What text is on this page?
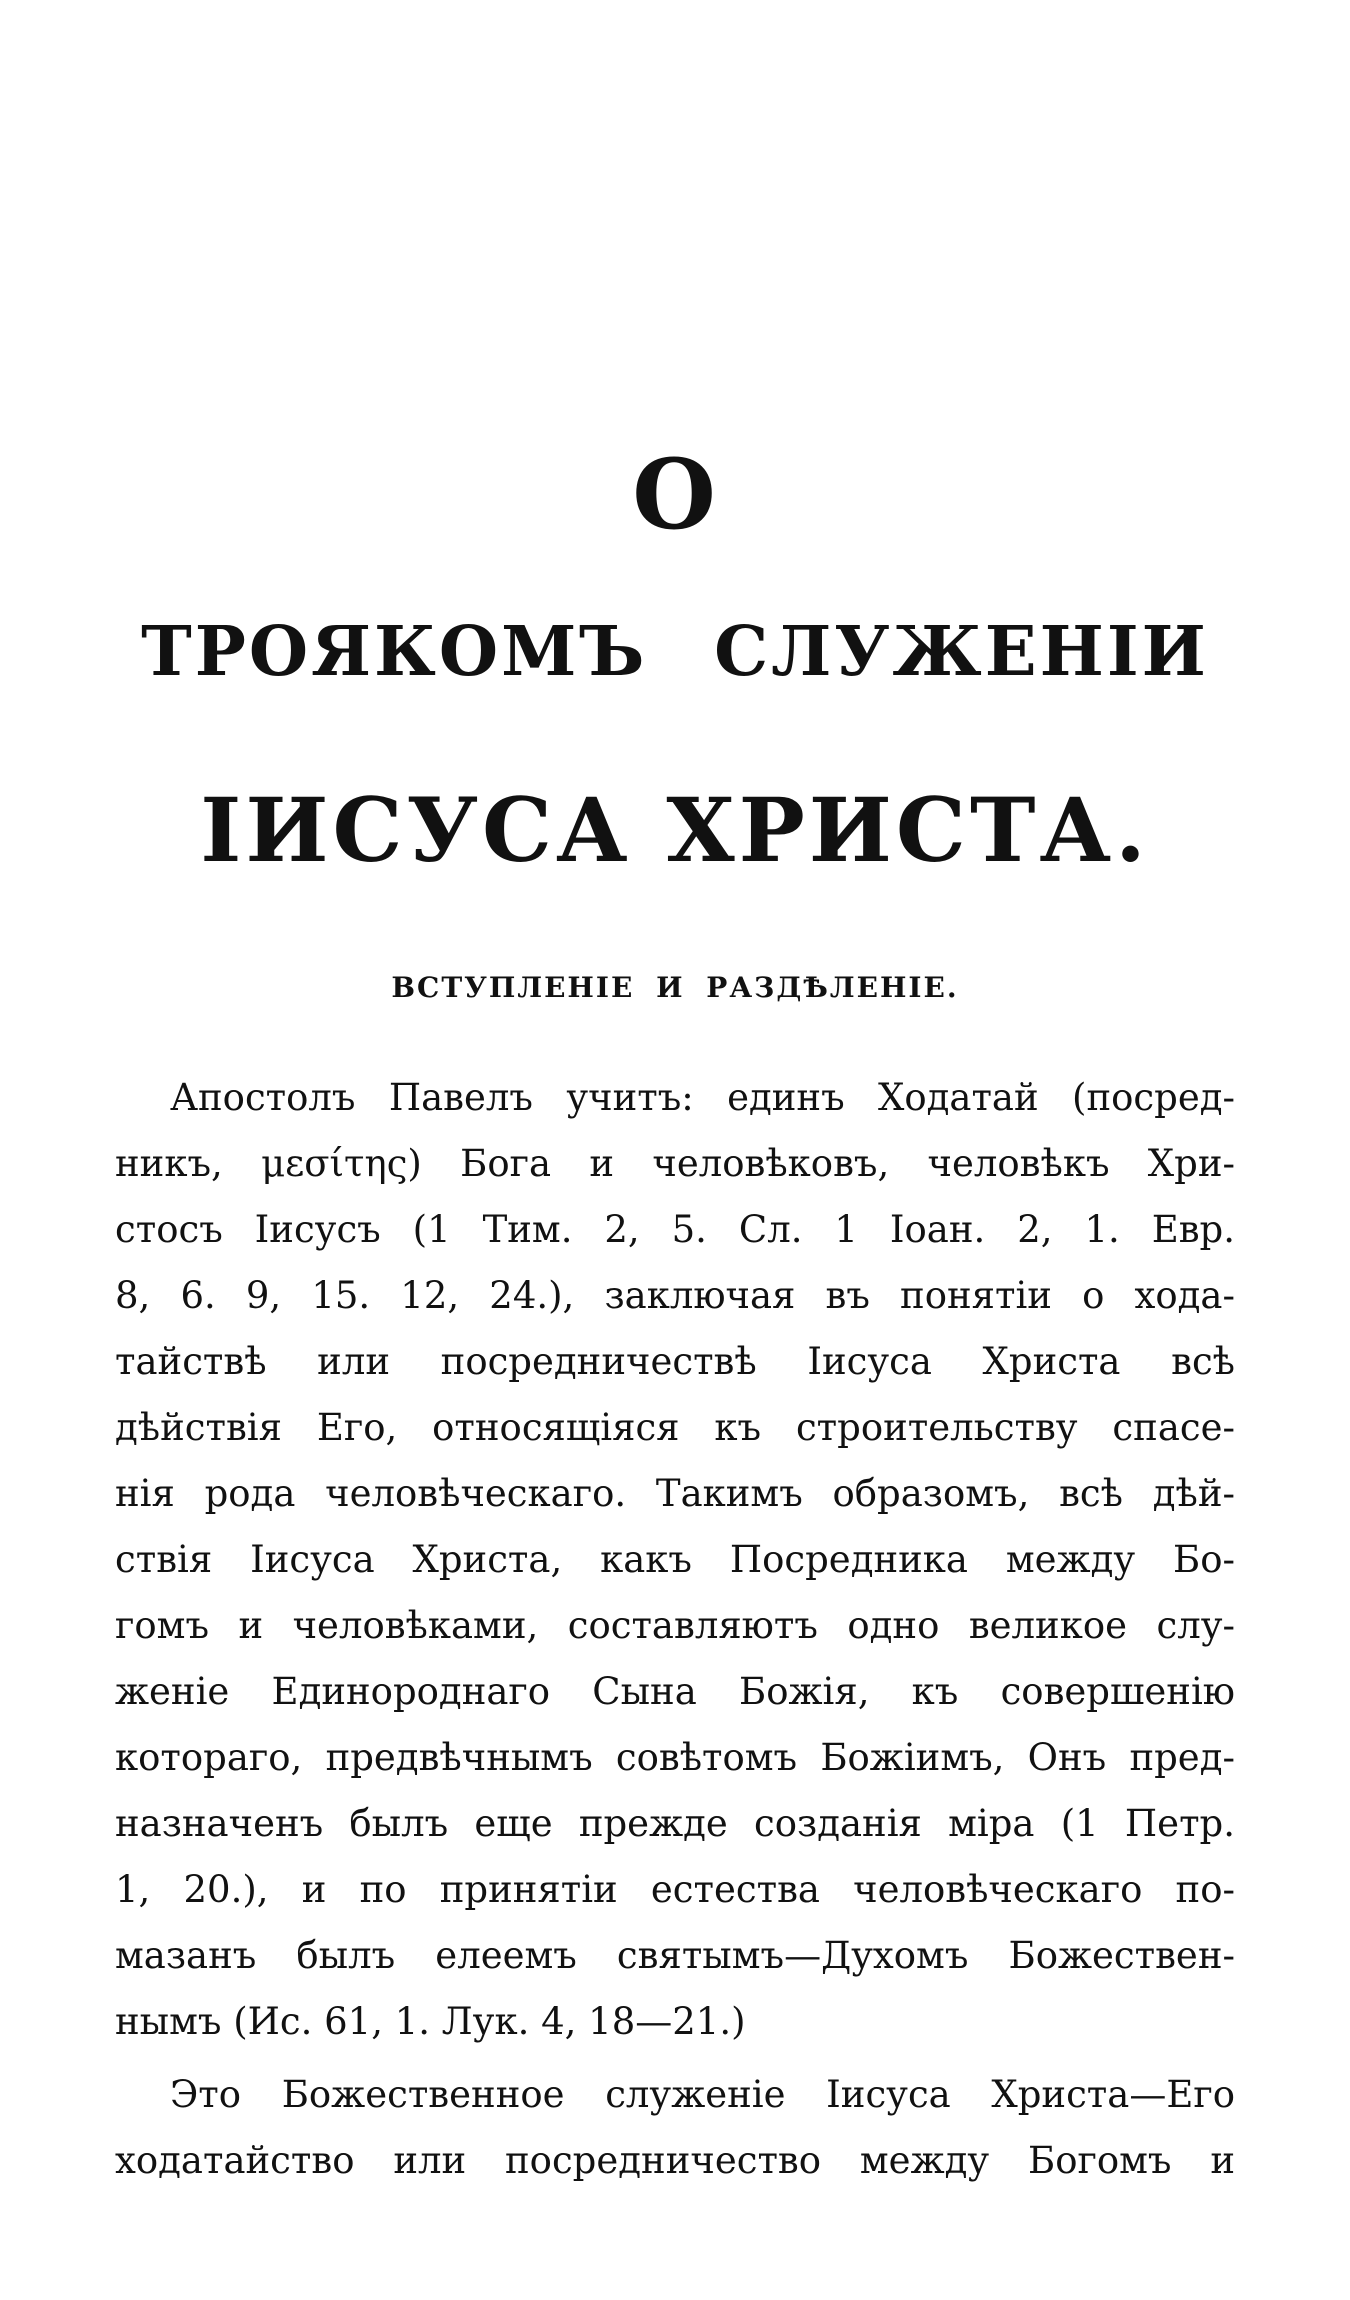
О
ТРОЯКОМЪ СЛУЖЕНІИ
ІИСУСА ХРИСТА.
ВСТУПЛЕНІЕ И РАЗДѢЛЕНІЕ.
Апостолъ Павелъ учитъ: единъ Ходатай (посред-
никъ, μεσίτης) Бога и человѣковъ, человѣкъ Хри-
стосъ Іисусъ (1 Тим. 2, 5. Сл. 1 Іоан. 2, 1. Евр.
8, 6. 9, 15. 12, 24.), заключая въ понятіи о хода-
тайствѣ или посредничествѣ Іисуса Христа всѣ
дѣйствія Его, относящіяся къ строительству спасе-
нія рода человѣческаго. Такимъ образомъ, всѣ дѣй-
ствія Іисуса Христа, какъ Посредника между Бо-
гомъ и человѣками, составляютъ одно великое слу-
женіе Единороднаго Сына Божія, къ совершенію
котораго, предвѣчнымъ совѣтомъ Божіимъ, Онъ пред-
назначенъ былъ еще прежде созданія міра (1 Петр.
1, 20.), и по принятіи естества человѣческаго по-
мазанъ былъ елеемъ святымъ—Духомъ Божествен-
нымъ (Ис. 61, 1. Лук. 4, 18—21.)
Это Божественное служеніе Іисуса Христа—Его
ходатайство или посредничество между Богомъ и
